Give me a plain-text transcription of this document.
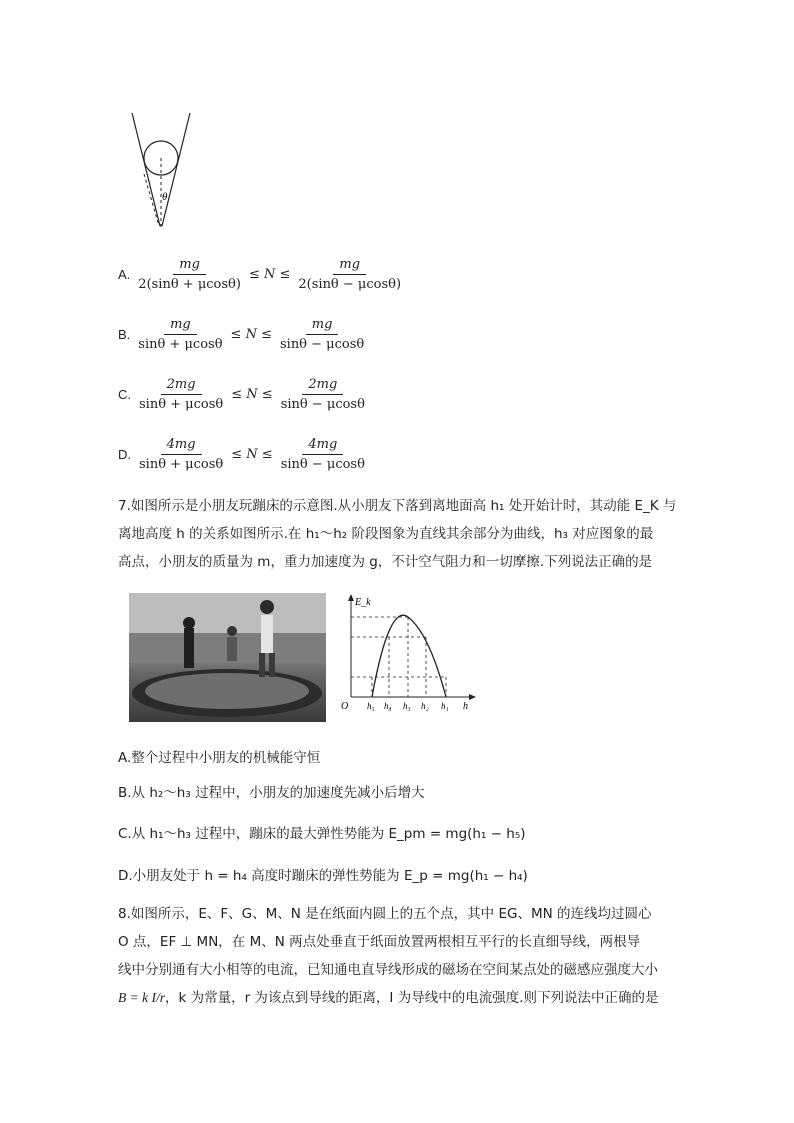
θ
A. $\frac{mg}{2(\sin\theta + \mu\cos\theta)} \le N \le \frac{mg}{2(\sin\theta - \mu\cos\theta)}$
B. $\frac{mg}{\sin\theta + \mu\cos\theta} \le N \le \frac{mg}{\sin\theta - \mu\cos\theta}$
C. $\frac{2mg}{\sin\theta + \mu\cos\theta} \le N \le \frac{2mg}{\sin\theta - \mu\cos\theta}$
D. $\frac{4mg}{\sin\theta + \mu\cos\theta} \le N \le \frac{4mg}{\sin\theta - \mu\cos\theta}$
7.如图所示是小朋友玩蹦床的示意图.从小朋友下落到离地面高 h₁ 处开始计时，其动能 E_K 与
离地高度 h 的关系如图所示.在 h₁～h₂ 阶段图象为直线其余部分为曲线，h₃ 对应图象的最
高点，小朋友的质量为 m，重力加速度为 g，不计空气阻力和一切摩擦.下列说法正确的是
E_k
h
O h₅ h₄ h₃ h₂ h₁
A.整个过程中小朋友的机械能守恒
B.从 h₂～h₃ 过程中，小朋友的加速度先减小后增大
C.从 h₁～h₃ 过程中，蹦床的最大弹性势能为 E_pm = mg(h₁ − h₅)
D.小朋友处于 h = h₄ 高度时蹦床的弹性势能为 E_p = mg(h₁ − h₄)
8.如图所示，E、F、G、M、N 是在纸面内圆上的五个点，其中 EG、MN 的连线均过圆心
O 点，EF ⊥ MN，在 M、N 两点处垂直于纸面放置两根相互平行的长直细导线，两根导
线中分别通有大小相等的电流，已知通电直导线形成的磁场在空间某点处的磁感应强度大小
B = k I/r，k 为常量，r 为该点到导线的距离，I 为导线中的电流强度.则下列说法中正确的是
